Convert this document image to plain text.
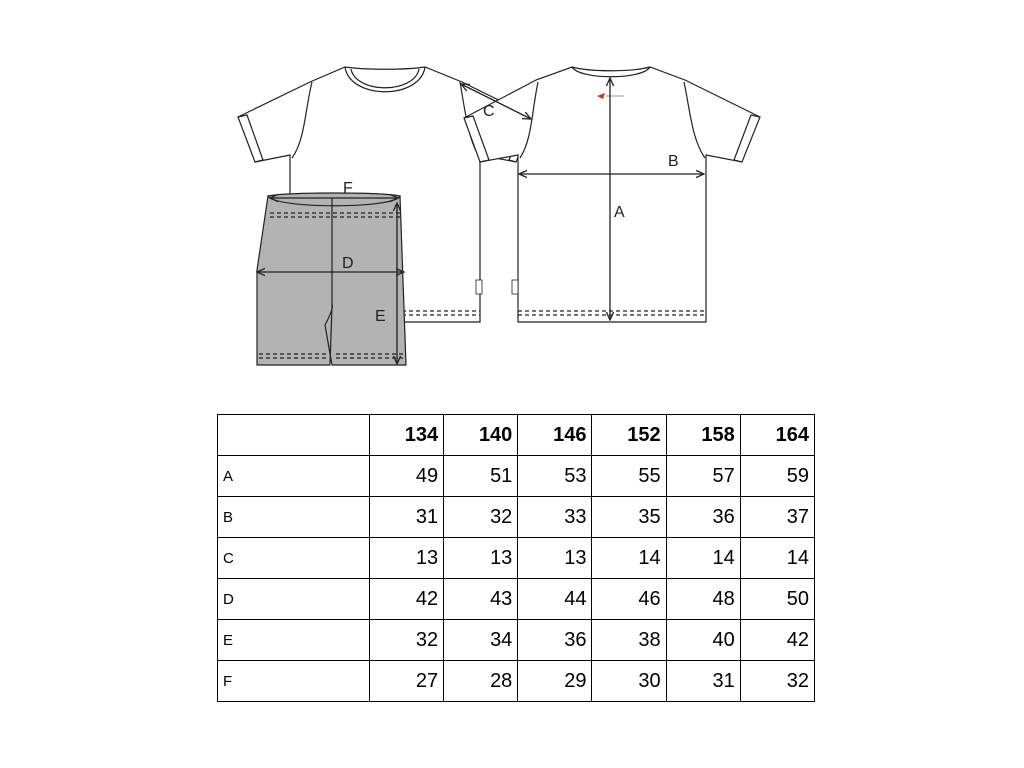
A
B
C
D
E
F
	134	140	146	152	158	164
A	49	51	53	55	57	59
B	31	32	33	35	36	37
C	13	13	13	14	14	14
D	42	43	44	46	48	50
E	32	34	36	38	40	42
F	27	28	29	30	31	32
